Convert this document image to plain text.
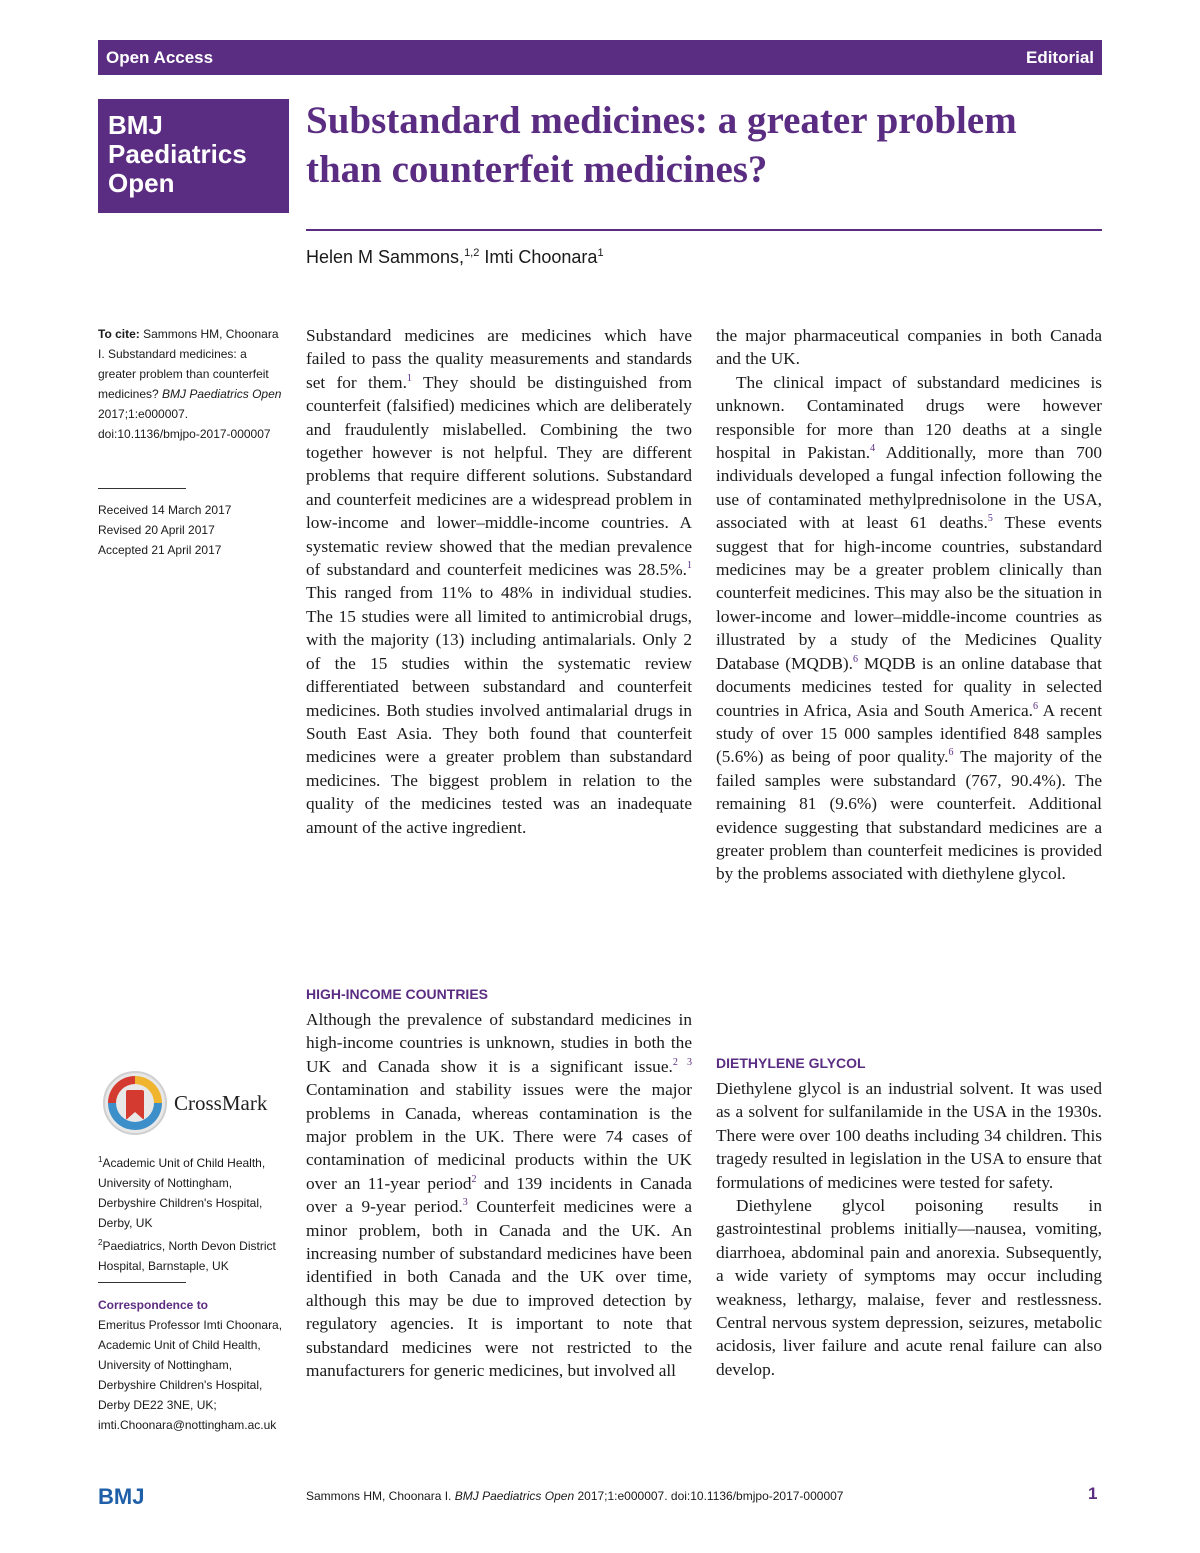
Open Access	Editorial
BMJ
Paediatrics
Open
Substandard medicines: a greater problem than counterfeit medicines?
Helen M Sammons,$^{1,2}$ Imti Choonara$^1$

To cite: Sammons HM, Choonara I. Substandard medicines: a greater problem than counterfeit medicines? BMJ Paediatrics Open 2017;1:e000007. doi:10.1136/bmjpo-2017-000007

Received 14 March 2017

Revised 20 April 2017

Accepted 21 April 2017

CrossMark

$^1$Academic Unit of Child Health, University of Nottingham, Derbyshire Children's Hospital, Derby, UK

$^2$Paediatrics, North Devon District Hospital, Barnstaple, UK

Correspondence to

Emeritus Professor Imti Choonara, Academic Unit of Child Health, University of Nottingham, Derbyshire Children's Hospital, Derby DE22 3NE, UK; imti.Choonara@nottingham.ac.uk

Substandard medicines are medicines which have failed to pass the quality measurements and standards set for them.$^1$ They should be distinguished from counterfeit (falsified) medicines which are deliberately and fraudulently mislabelled. Combining the two together however is not helpful. They are different problems that require different solutions. Substandard and counterfeit medicines are a widespread problem in low-income and lower–middle-income countries. A systematic review showed that the median prevalence of substandard and counterfeit medicines was 28.5%.$^1$ This ranged from 11% to 48% in individual studies. The 15 studies were all limited to antimicrobial drugs, with the majority (13) including antimalarials. Only 2 of the 15 studies within the systematic review differentiated between substandard and counterfeit medicines. Both studies involved antimalarial drugs in South East Asia. They both found that counterfeit medicines were a greater problem than substandard medicines. The biggest problem in relation to the quality of the medicines tested was an inadequate amount of the active ingredient.

HIGH-INCOME COUNTRIES

Although the prevalence of substandard medicines in high-income countries is unknown, studies in both the UK and Canada show it is a significant issue.$^{2 3}$ Contamination and stability issues were the major problems in Canada, whereas contamination is the major problem in the UK. There were 74 cases of contamination of medicinal products within the UK over an 11-year period$^2$ and 139 incidents in Canada over a 9-year period.$^3$ Counterfeit medicines were a minor problem, both in Canada and the UK. An increasing number of substandard medicines have been identified in both Canada and the UK over time, although this may be due to improved detection by regulatory agencies. It is important to note that substandard medicines were not restricted to the manufacturers for generic medicines, but involved all

the major pharmaceutical companies in both Canada and the UK.

The clinical impact of substandard medicines is unknown. Contaminated drugs were however responsible for more than 120 deaths at a single hospital in Pakistan.$^4$ Additionally, more than 700 individuals developed a fungal infection following the use of contaminated methylprednisolone in the USA, associated with at least 61 deaths.$^5$ These events suggest that for high-income countries, substandard medicines may be a greater problem clinically than counterfeit medicines. This may also be the situation in lower-income and lower–middle-income countries as illustrated by a study of the Medicines Quality Database (MQDB).$^6$ MQDB is an online database that documents medicines tested for quality in selected countries in Africa, Asia and South America.$^6$ A recent study of over 15 000 samples identified 848 samples (5.6%) as being of poor quality.$^6$ The majority of the failed samples were substandard (767, 90.4%). The remaining 81 (9.6%) were counterfeit. Additional evidence suggesting that substandard medicines are a greater problem than counterfeit medicines is provided by the problems associated with diethylene glycol.

DIETHYLENE GLYCOL

Diethylene glycol is an industrial solvent. It was used as a solvent for sulfanilamide in the USA in the 1930s. There were over 100 deaths including 34 children. This tragedy resulted in legislation in the USA to ensure that formulations of medicines were tested for safety.

Diethylene glycol poisoning results in gastrointestinal problems initially—nausea, vomiting, diarrhoea, abdominal pain and anorexia. Subsequently, a wide variety of symptoms may occur including weakness, lethargy, malaise, fever and restlessness. Central nervous system depression, seizures, metabolic acidosis, liver failure and acute renal failure can also develop.

BMJ	Sammons HM, Choonara I. BMJ Paediatrics Open 2017;1:e000007. doi:10.1136/bmjpo-2017-000007	1
